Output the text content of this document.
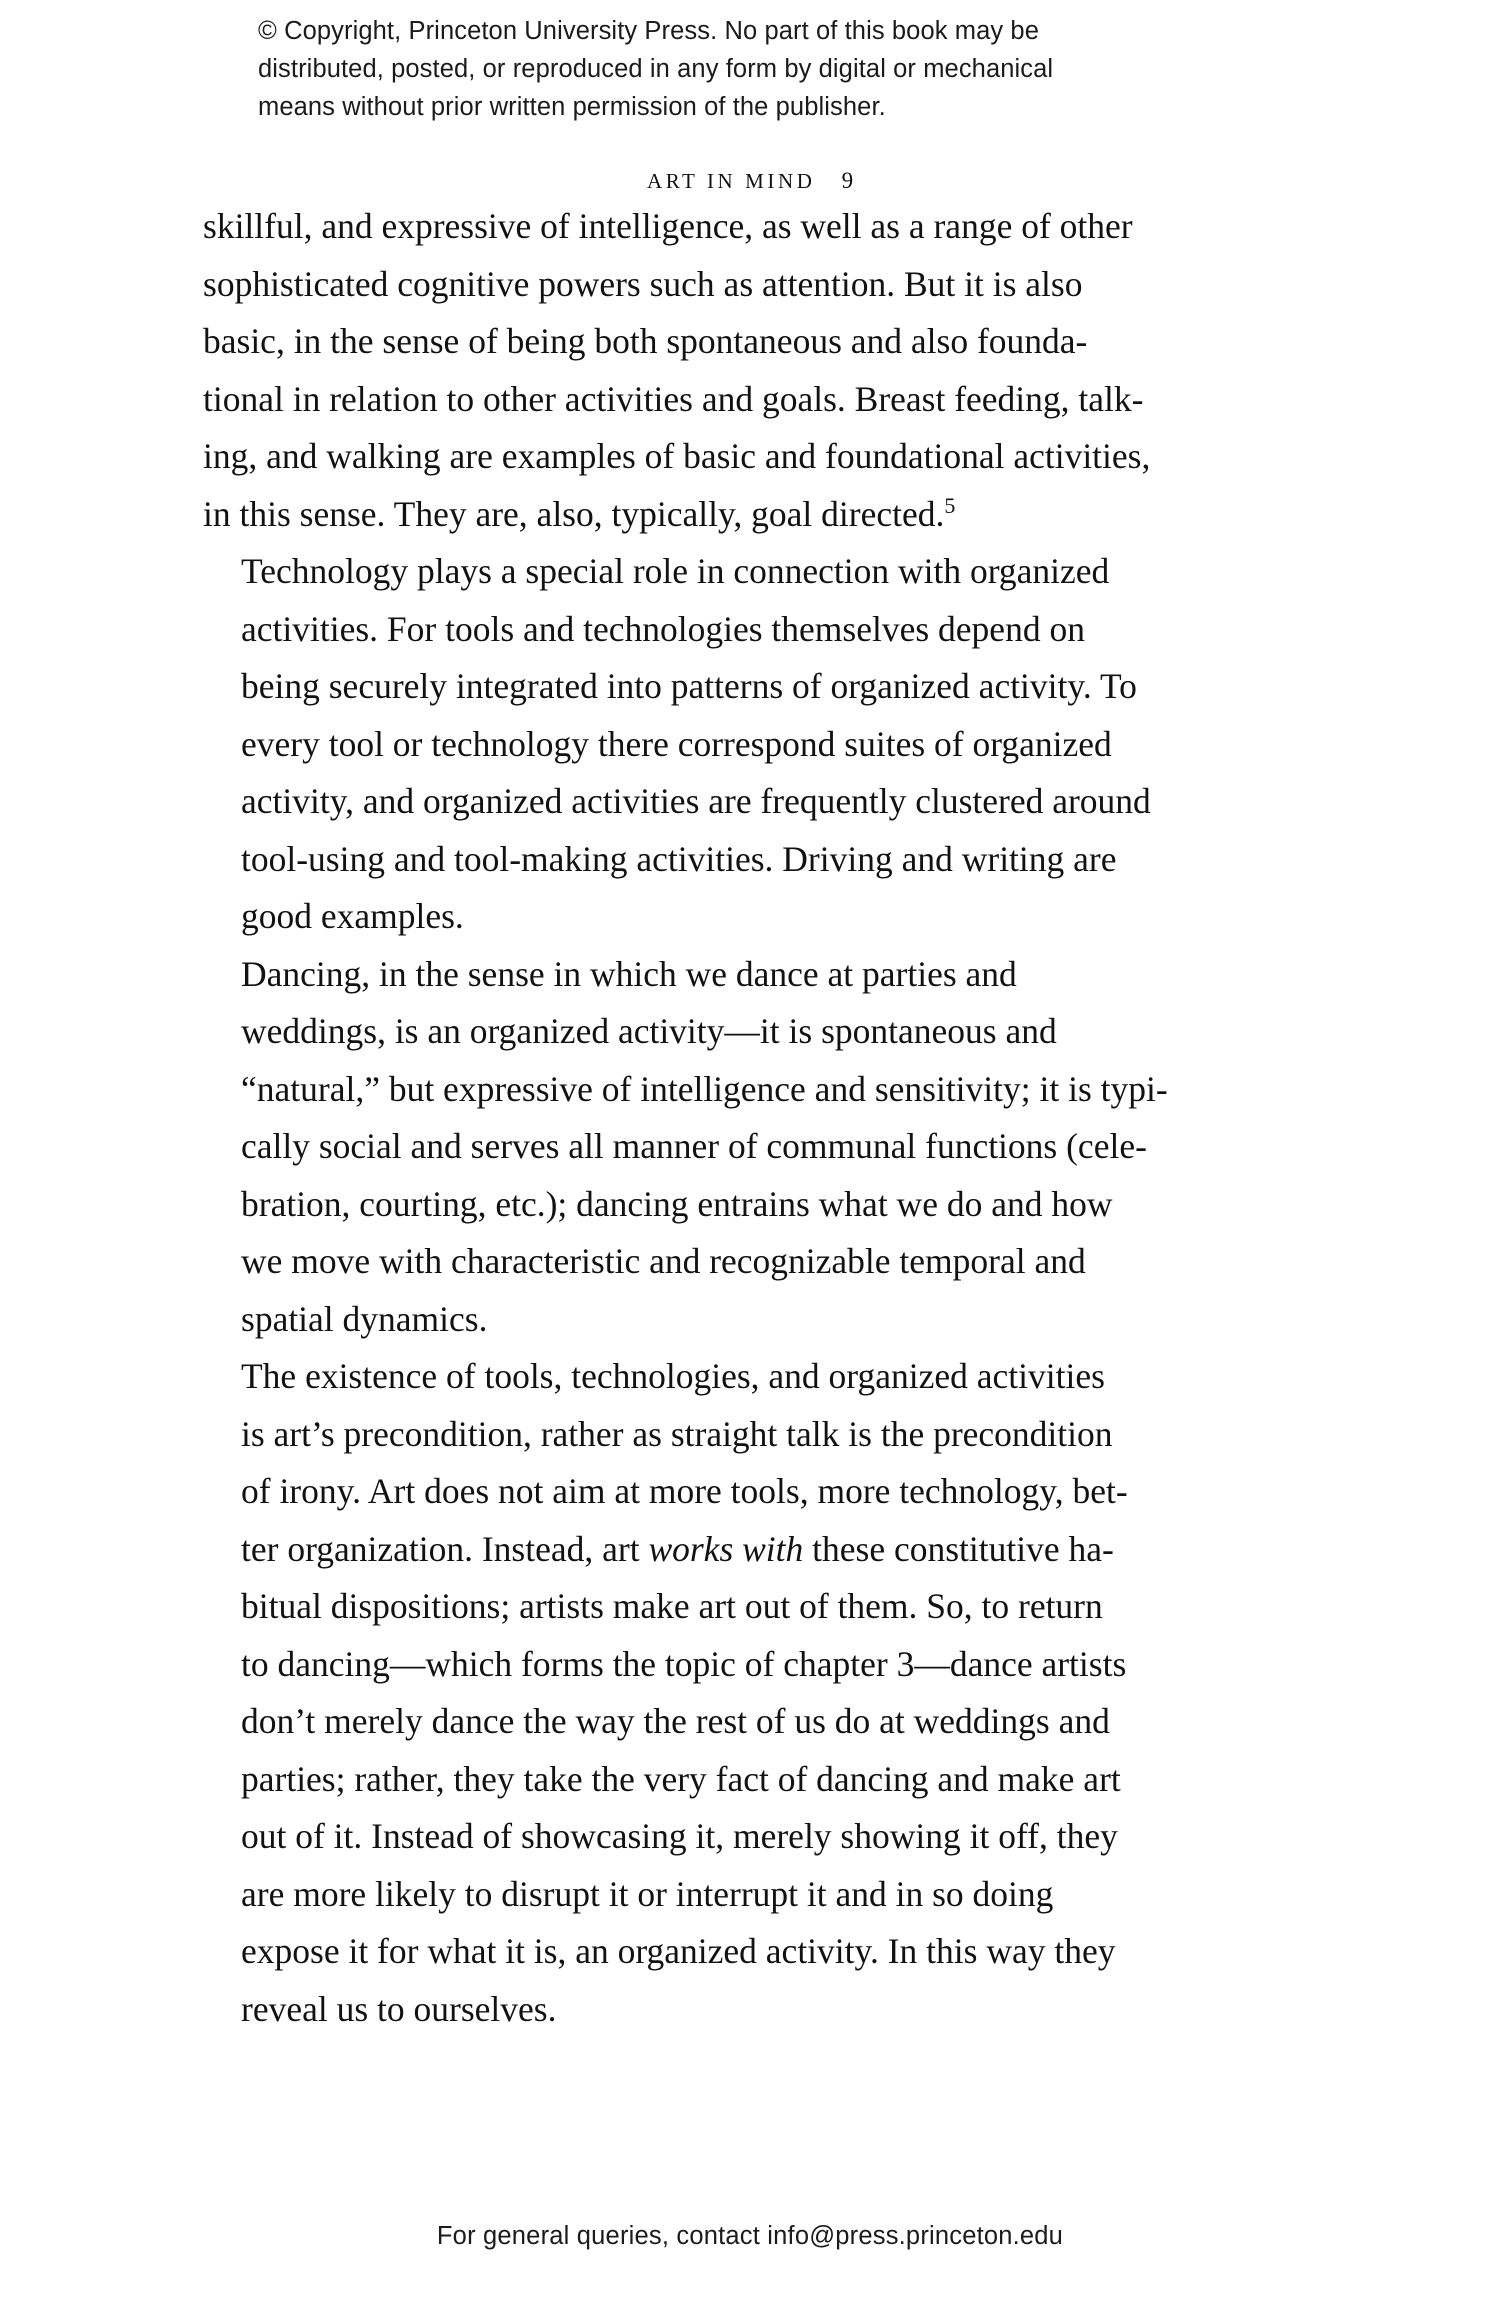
© Copyright, Princeton University Press. No part of this book may be
distributed, posted, or reproduced in any form by digital or mechanical
means without prior written permission of the publisher.
ART IN MIND 9

skillful, and expressive of intelligence, as well as a range of other
sophisticated cognitive powers such as attention. But it is also
basic, in the sense of being both spontaneous and also founda-
tional in relation to other activities and goals. Breast feeding, talk-
ing, and walking are examples of basic and foundational activities,
in this sense. They are, also, typically, goal directed.$^5$

Technology plays a special role in connection with organized
activities. For tools and technologies themselves depend on
being securely integrated into patterns of organized activity. To
every tool or technology there correspond suites of organized
activity, and organized activities are frequently clustered around
tool-using and tool-making activities. Driving and writing are
good examples.

Dancing, in the sense in which we dance at parties and
weddings, is an organized activity—it is spontaneous and
“natural,” but expressive of intelligence and sensitivity; it is typi-
cally social and serves all manner of communal functions (cele-
bration, courting, etc.); dancing entrains what we do and how
we move with characteristic and recognizable temporal and
spatial dynamics.

The existence of tools, technologies, and organized activities
is art’s precondition, rather as straight talk is the precondition
of irony. Art does not aim at more tools, more technology, bet-
ter organization. Instead, art works with these constitutive ha-
bitual dispositions; artists make art out of them. So, to return
to dancing—which forms the topic of chapter 3—dance artists
don’t merely dance the way the rest of us do at weddings and
parties; rather, they take the very fact of dancing and make art
out of it. Instead of showcasing it, merely showing it off, they
are more likely to disrupt it or interrupt it and in so doing
expose it for what it is, an organized activity. In this way they
reveal us to ourselves.

For general queries, contact info@press.princeton.edu
